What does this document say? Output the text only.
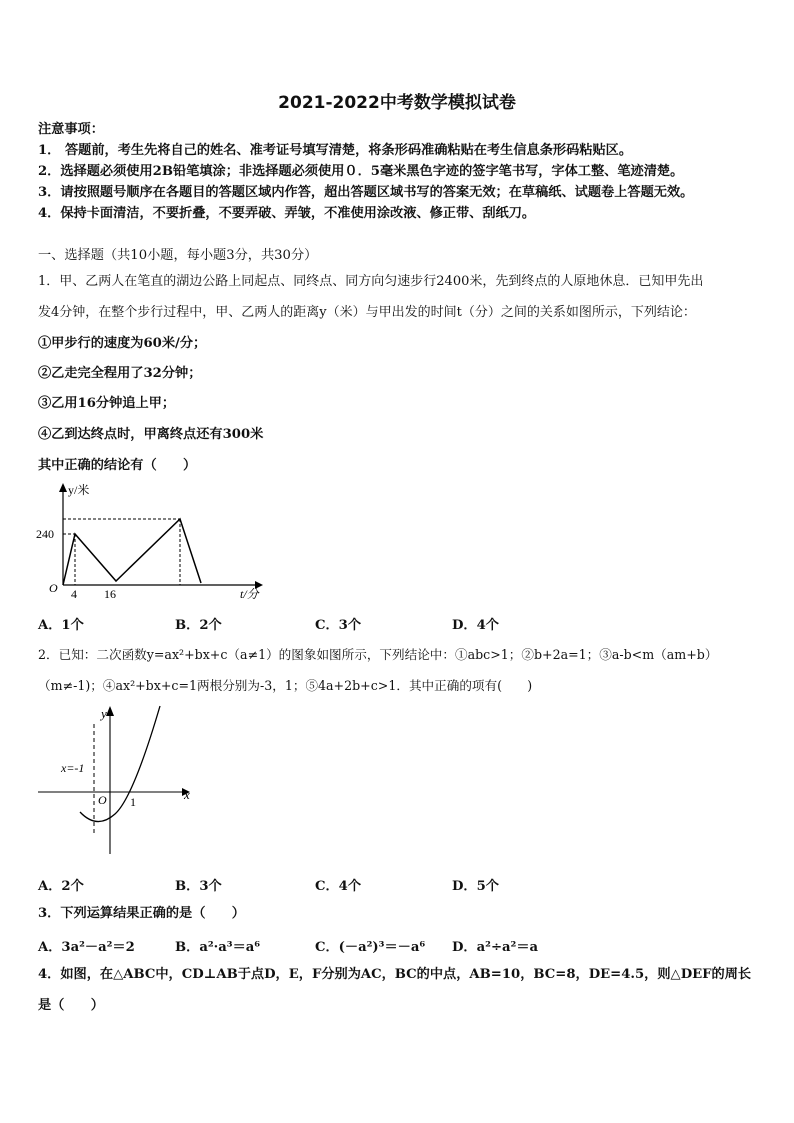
2021-2022中考数学模拟试卷
注意事项：
1． 答题前，考生先将自己的姓名、准考证号填写清楚，将条形码准确粘贴在考生信息条形码粘贴区。
2．选择题必须使用2B铅笔填涂；非选择题必须使用０．5毫米黑色字迹的签字笔书写，字体工整、笔迹清楚。
3．请按照题号顺序在各题目的答题区域内作答，超出答题区域书写的答案无效；在草稿纸、试题卷上答题无效。
4．保持卡面清洁，不要折叠，不要弄破、弄皱，不准使用涂改液、修正带、刮纸刀。
一、选择题（共10小题，每小题3分，共30分）
1．甲、乙两人在笔直的湖边公路上同起点、同终点、同方向匀速步行2400米，先到终点的人原地休息．已知甲先出
发4分钟，在整个步行过程中，甲、乙两人的距离y（米）与甲出发的时间t（分）之间的关系如图所示，下列结论：
①甲步行的速度为60米/分；
②乙走完全程用了32分钟；
③乙用16分钟追上甲；
④乙到达终点时，甲离终点还有300米
其中正确的结论有（　　）
y/米
t/分
O
240
4 16
A．1个	B．2个	C．3个	D．4个
2．已知：二次函数y=ax²+bx+c（a≠1）的图象如图所示，下列结论中：①abc>1；②b+2a=1；③a-b<m（am+b）
（m≠-1)；④ax²+bx+c=1两根分别为-3，1；⑤4a+2b+c>1．其中正确的项有(　　)
y
x
x=-1
O 1
A．2个	B．3个	C．4个	D．5个
3．下列运算结果正确的是（　　）
A．3a²－a²＝2	B．a²·a³＝a⁶	C．(－a²)³＝－a⁶ D．a²÷a²＝a
4．如图，在△ABC中，CD⊥AB于点D，E，F分别为AC，BC的中点，AB=10，BC=8，DE=4.5，则△DEF的周长
是（　　）
